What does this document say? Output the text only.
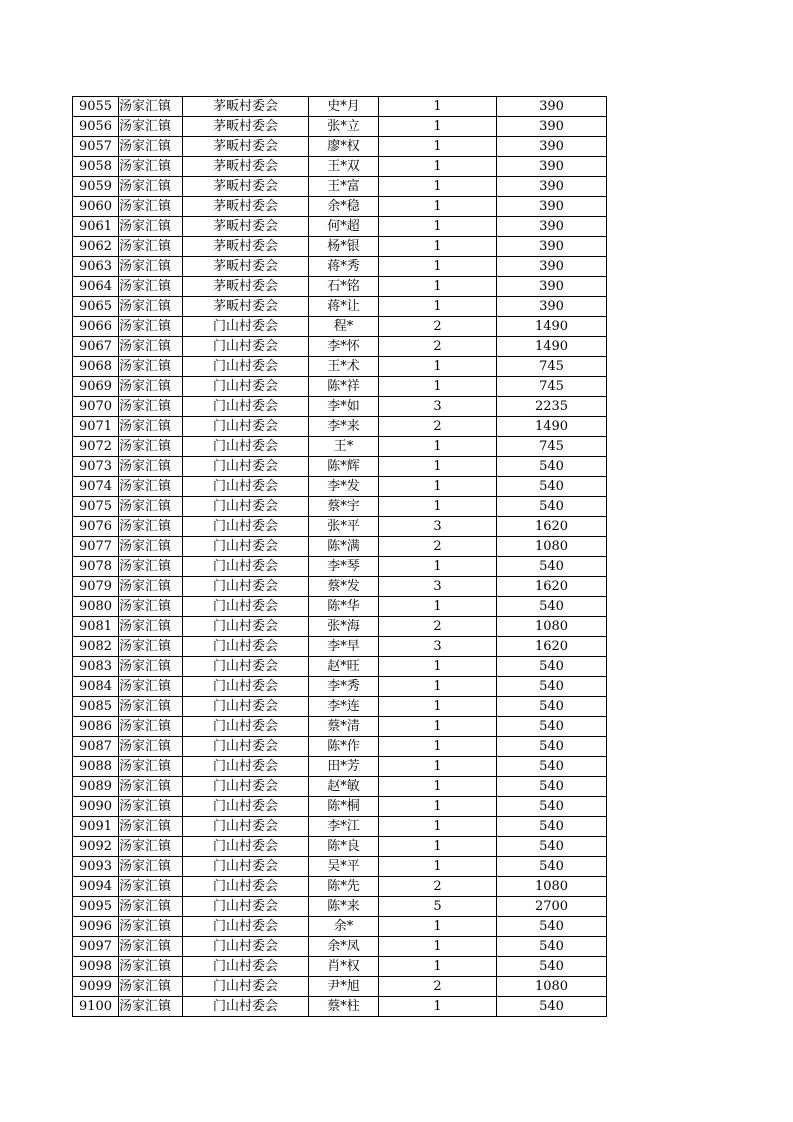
9055	汤家汇镇	茅畈村委会	史*月	1	390
9056	汤家汇镇	茅畈村委会	张*立	1	390
9057	汤家汇镇	茅畈村委会	廖*权	1	390
9058	汤家汇镇	茅畈村委会	王*双	1	390
9059	汤家汇镇	茅畈村委会	王*富	1	390
9060	汤家汇镇	茅畈村委会	余*稳	1	390
9061	汤家汇镇	茅畈村委会	何*超	1	390
9062	汤家汇镇	茅畈村委会	杨*银	1	390
9063	汤家汇镇	茅畈村委会	蒋*秀	1	390
9064	汤家汇镇	茅畈村委会	石*铭	1	390
9065	汤家汇镇	茅畈村委会	蒋*让	1	390
9066	汤家汇镇	门山村委会	程*	2	1490
9067	汤家汇镇	门山村委会	李*怀	2	1490
9068	汤家汇镇	门山村委会	王*术	1	745
9069	汤家汇镇	门山村委会	陈*祥	1	745
9070	汤家汇镇	门山村委会	李*如	3	2235
9071	汤家汇镇	门山村委会	李*来	2	1490
9072	汤家汇镇	门山村委会	王*	1	745
9073	汤家汇镇	门山村委会	陈*辉	1	540
9074	汤家汇镇	门山村委会	李*发	1	540
9075	汤家汇镇	门山村委会	蔡*宇	1	540
9076	汤家汇镇	门山村委会	张*平	3	1620
9077	汤家汇镇	门山村委会	陈*满	2	1080
9078	汤家汇镇	门山村委会	李*琴	1	540
9079	汤家汇镇	门山村委会	蔡*发	3	1620
9080	汤家汇镇	门山村委会	陈*华	1	540
9081	汤家汇镇	门山村委会	张*海	2	1080
9082	汤家汇镇	门山村委会	李*早	3	1620
9083	汤家汇镇	门山村委会	赵*旺	1	540
9084	汤家汇镇	门山村委会	李*秀	1	540
9085	汤家汇镇	门山村委会	李*连	1	540
9086	汤家汇镇	门山村委会	蔡*清	1	540
9087	汤家汇镇	门山村委会	陈*作	1	540
9088	汤家汇镇	门山村委会	田*芳	1	540
9089	汤家汇镇	门山村委会	赵*敏	1	540
9090	汤家汇镇	门山村委会	陈*桐	1	540
9091	汤家汇镇	门山村委会	李*江	1	540
9092	汤家汇镇	门山村委会	陈*良	1	540
9093	汤家汇镇	门山村委会	吴*平	1	540
9094	汤家汇镇	门山村委会	陈*先	2	1080
9095	汤家汇镇	门山村委会	陈*来	5	2700
9096	汤家汇镇	门山村委会	余*	1	540
9097	汤家汇镇	门山村委会	余*凤	1	540
9098	汤家汇镇	门山村委会	肖*权	1	540
9099	汤家汇镇	门山村委会	尹*旭	2	1080
9100	汤家汇镇	门山村委会	蔡*柱	1	540
